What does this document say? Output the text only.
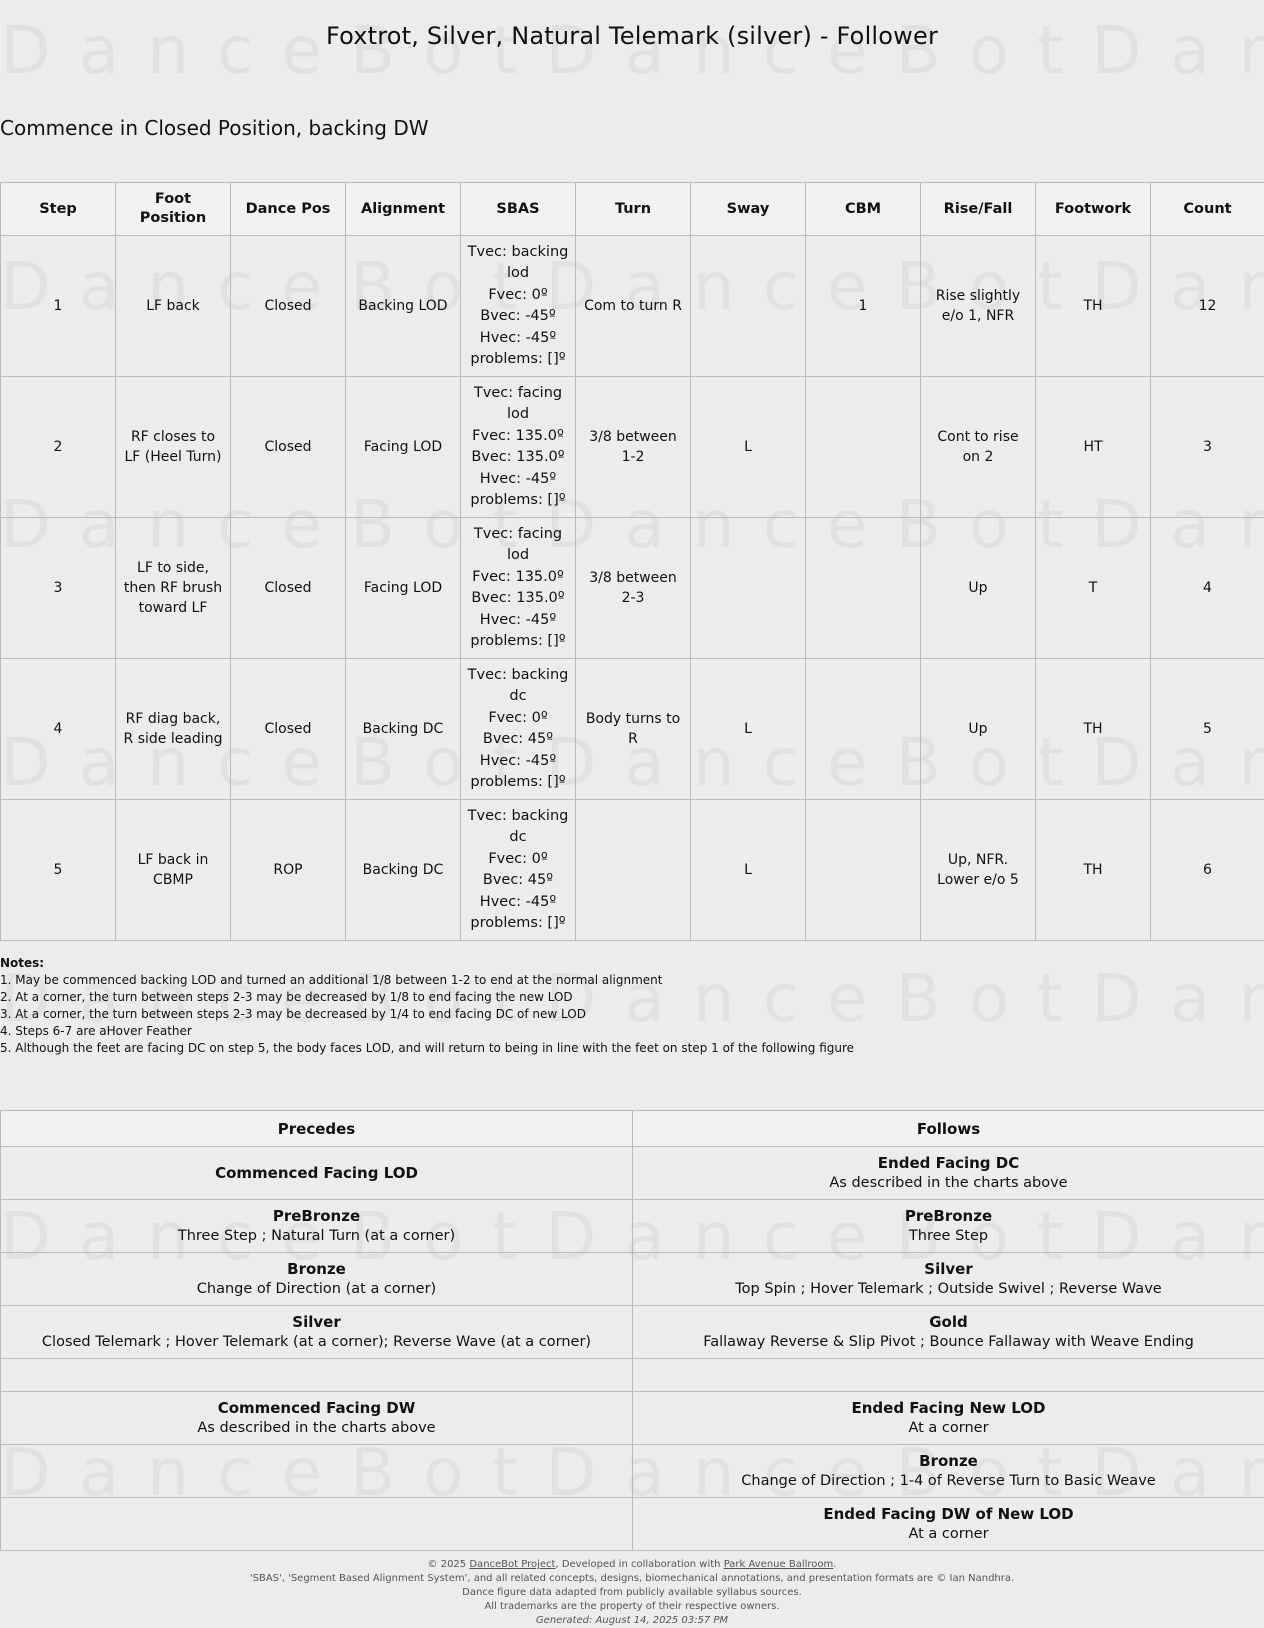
Foxtrot, Silver, Natural Telemark (silver) - Follower
Commence in Closed Position, backing DW
Step	Foot Position	Dance Pos	Alignment	SBAS	Turn	Sway	CBM	Rise/Fall	Footwork	Count
1	LF back	Closed	Backing LOD	Tvec: backing lod
Fvec: 0º
Bvec: -45º
Hvec: -45º
problems: []º	Com to turn R		1	Rise slightly e/o 1, NFR	TH	12
2	RF closes to LF (Heel Turn)	Closed	Facing LOD	Tvec: facing lod
Fvec: 135.0º
Bvec: 135.0º
Hvec: -45º
problems: []º	3/8 between 1-2	L		Cont to rise on 2	HT	3
3	LF to side, then RF brush toward LF	Closed	Facing LOD	Tvec: facing lod
Fvec: 135.0º
Bvec: 135.0º
Hvec: -45º
problems: []º	3/8 between 2-3			Up	T	4
4	RF diag back, R side leading	Closed	Backing DC	Tvec: backing dc
Fvec: 0º
Bvec: 45º
Hvec: -45º
problems: []º	Body turns to R	L		Up	TH	5
5	LF back in CBMP	ROP	Backing DC	Tvec: backing dc
Fvec: 0º
Bvec: 45º
Hvec: -45º
problems: []º		L		Up, NFR. Lower e/o 5	TH	6
Notes:
1. May be commenced backing LOD and turned an additional 1/8 between 1-2 to end at the normal alignment
2. At a corner, the turn between steps 2-3 may be decreased by 1/8 to end facing the new LOD
3. At a corner, the turn between steps 2-3 may be decreased by 1/4 to end facing DC of new LOD
4. Steps 6-7 are aHover Feather
5. Although the feet are facing DC on step 5, the body faces LOD, and will return to being in line with the feet on step 1 of the following figure
Precedes	Follows

Commenced Facing LOD	Ended Facing DC
As described in the charts above

PreBronze
Three Step ; Natural Turn (at a corner)	PreBronze
Three Step

Bronze
Change of Direction (at a corner)	Silver
Top Spin ; Hover Telemark ; Outside Swivel ; Reverse Wave

Silver
Closed Telemark ; Hover Telemark (at a corner); Reverse Wave (at a corner)	Gold
Fallaway Reverse & Slip Pivot ; Bounce Fallaway with Weave Ending

Commenced Facing DW
As described in the charts above	Ended Facing New LOD
At a corner

	Bronze
Change of Direction ; 1-4 of Reverse Turn to Basic Weave

	Ended Facing DW of New LOD
At a corner
© 2025 DanceBot Project, Developed in collaboration with Park Avenue Ballroom.
'SBAS', 'Segment Based Alignment System', and all related concepts, designs, biomechanical annotations, and presentation formats are © Ian Nandhra.
Dance figure data adapted from publicly available syllabus sources.
All trademarks are the property of their respective owners.
Generated: August 14, 2025 03:57 PM
